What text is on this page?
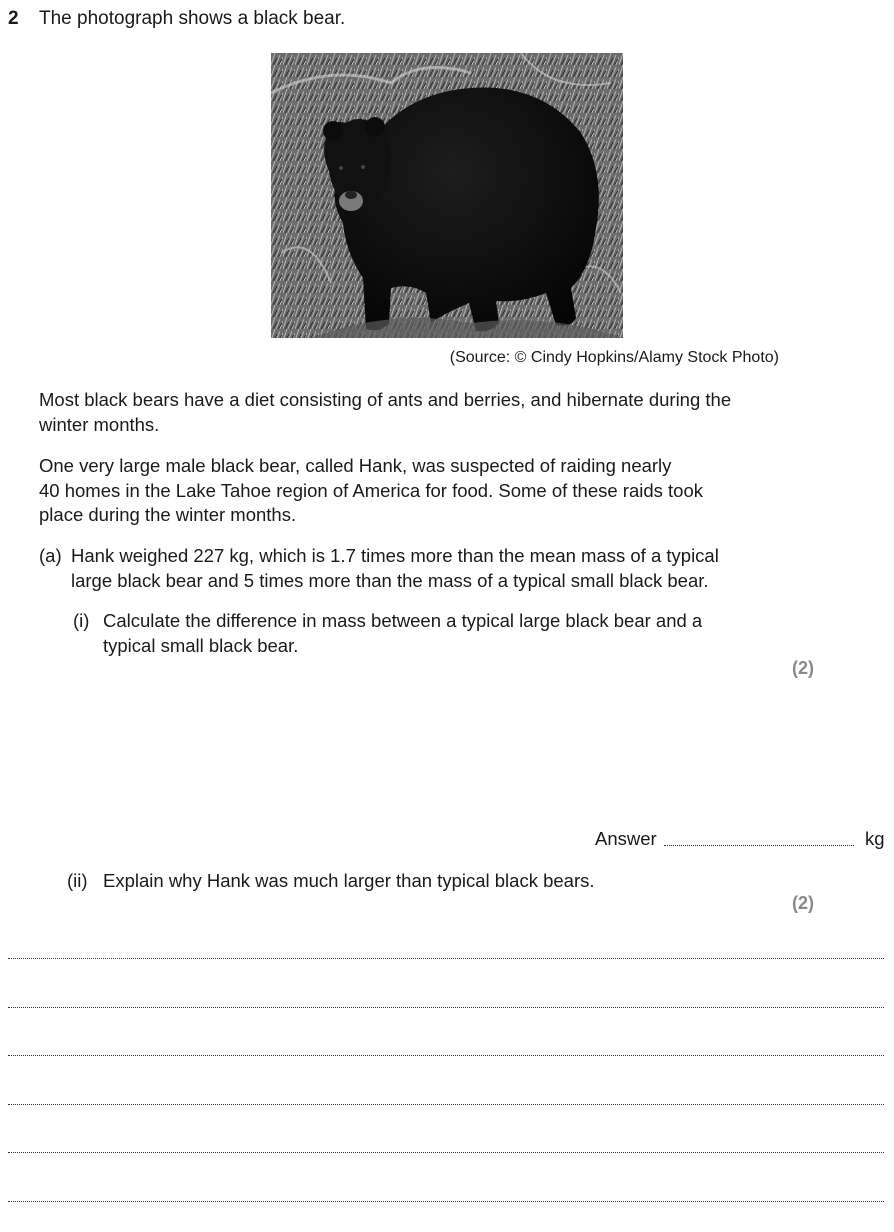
2 The photograph shows a black bear.
(Source: © Cindy Hopkins/Alamy Stock Photo)
Most black bears have a diet consisting of ants and berries, and hibernate during the
winter months.
One very large male black bear, called Hank, was suspected of raiding nearly
40 homes in the Lake Tahoe region of America for food. Some of these raids took
place during the winter months.
(a) Hank weighed 227 kg, which is 1.7 times more than the mean mass of a typical
large black bear and 5 times more than the mass of a typical small black bear.
(i) Calculate the difference in mass between a typical large black bear and a
typical small black bear.
(2)
Answer	kg
(ii) Explain why Hank was much larger than typical black bears.
(2)
